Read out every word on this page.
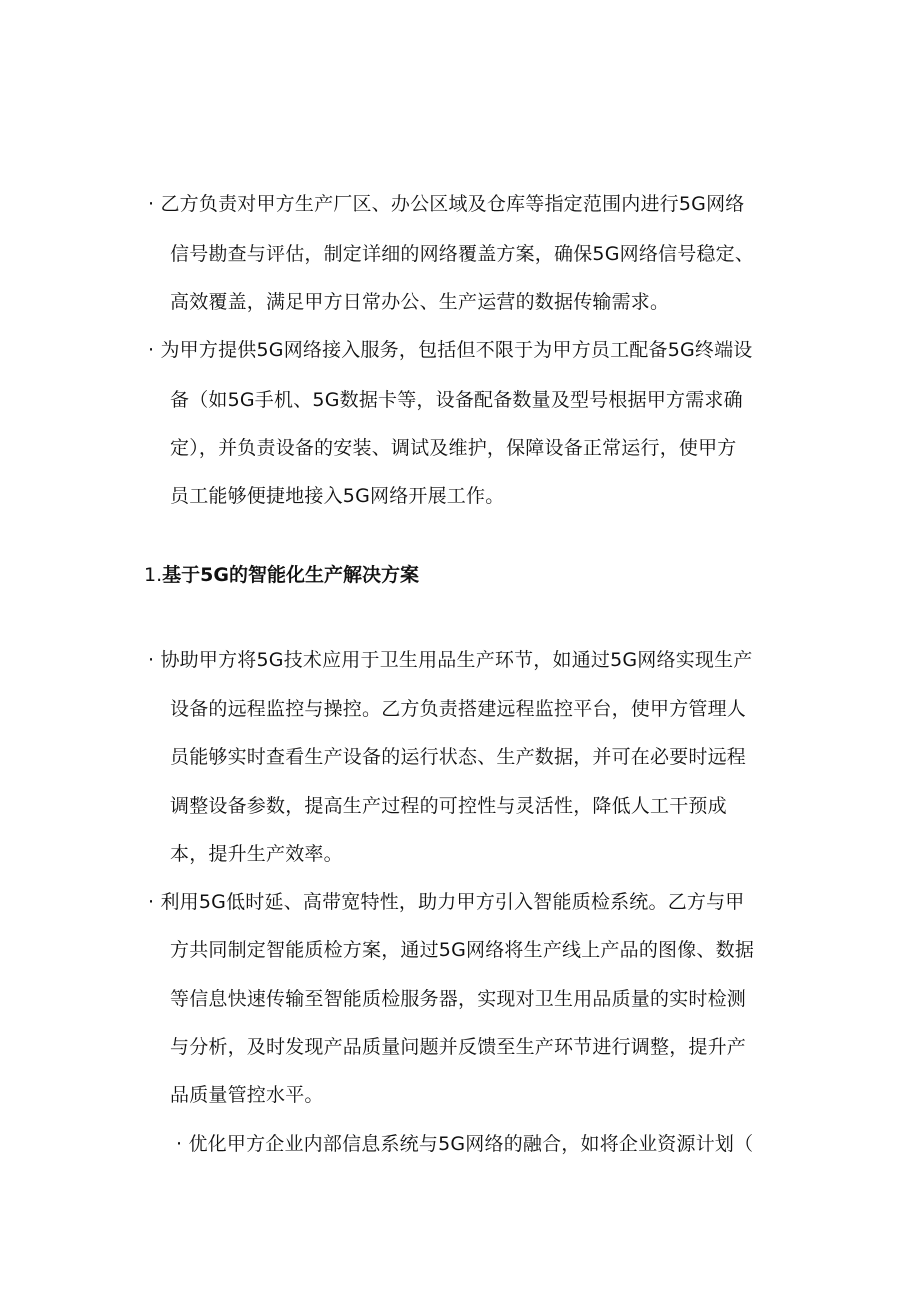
· 乙方负责对甲方生产厂区、办公区域及仓库等指定范围内进行5G网络
信号勘查与评估，制定详细的网络覆盖方案，确保5G网络信号稳定、
高效覆盖，满足甲方日常办公、生产运营的数据传输需求。
· 为甲方提供5G网络接入服务，包括但不限于为甲方员工配备5G终端设
备（如5G手机、5G数据卡等，设备配备数量及型号根据甲方需求确
定），并负责设备的安装、调试及维护，保障设备正常运行，使甲方
员工能够便捷地接入5G网络开展工作。
1.基于5G的智能化生产解决方案
· 协助甲方将5G技术应用于卫生用品生产环节，如通过5G网络实现生产
设备的远程监控与操控。乙方负责搭建远程监控平台，使甲方管理人
员能够实时查看生产设备的运行状态、生产数据，并可在必要时远程
调整设备参数，提高生产过程的可控性与灵活性，降低人工干预成
本，提升生产效率。
· 利用5G低时延、高带宽特性，助力甲方引入智能质检系统。乙方与甲
方共同制定智能质检方案，通过5G网络将生产线上产品的图像、数据
等信息快速传输至智能质检服务器，实现对卫生用品质量的实时检测
与分析，及时发现产品质量问题并反馈至生产环节进行调整，提升产
品质量管控水平。
· 优化甲方企业内部信息系统与5G网络的融合，如将企业资源计划（
